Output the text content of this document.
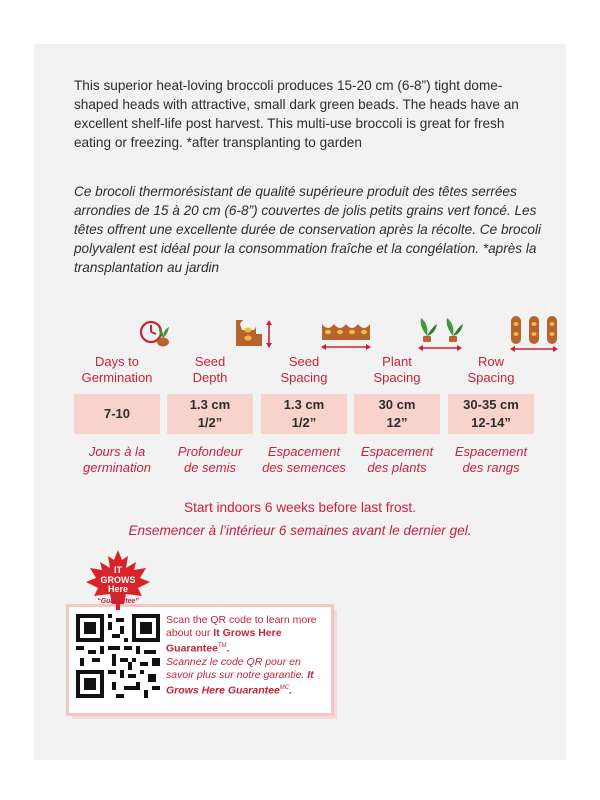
This superior heat-loving broccoli produces 15-20 cm (6-8”) tight dome-shaped heads with attractive, small dark green beads. The heads have an excellent shelf-life post harvest. This multi-use broccoli is great for fresh eating or freezing. *after transplanting to garden

Ce brocoli thermorésistant de qualité supérieure produit des têtes serrées arrondies de 15 à 20 cm (6-8”) couvertes de jolis petits grains vert foncé. Les têtes offrent une excellente durée de conservation après la récolte. Ce brocoli polyvalent est idéal pour la consommation fraîche et la congélation. *après la transplantation au jardin

7-10
1.3 cm
1/2”
1.3 cm
1/2”
30 cm
12”
30-35 cm
12-14”
Days to
Germination
Jours à la
germination
Seed
Depth
Profondeur
de semis
Seed
Spacing
Espacement
des semences
Plant
Spacing
Espacement
des plants
Row
Spacing
Espacement
des rangs
Start indoors 6 weeks before last frost.
Ensemencer à l’intérieur 6 semaines avant le dernier gel.
Scan the QR code to learn more about our It Grows Here Guarantee™.
Scannez le code QR pour en savoir plus sur notre garantie. It Grows Here Guarantee$^{MC}$.
IT
GROWS
Here
“Guarantee”
